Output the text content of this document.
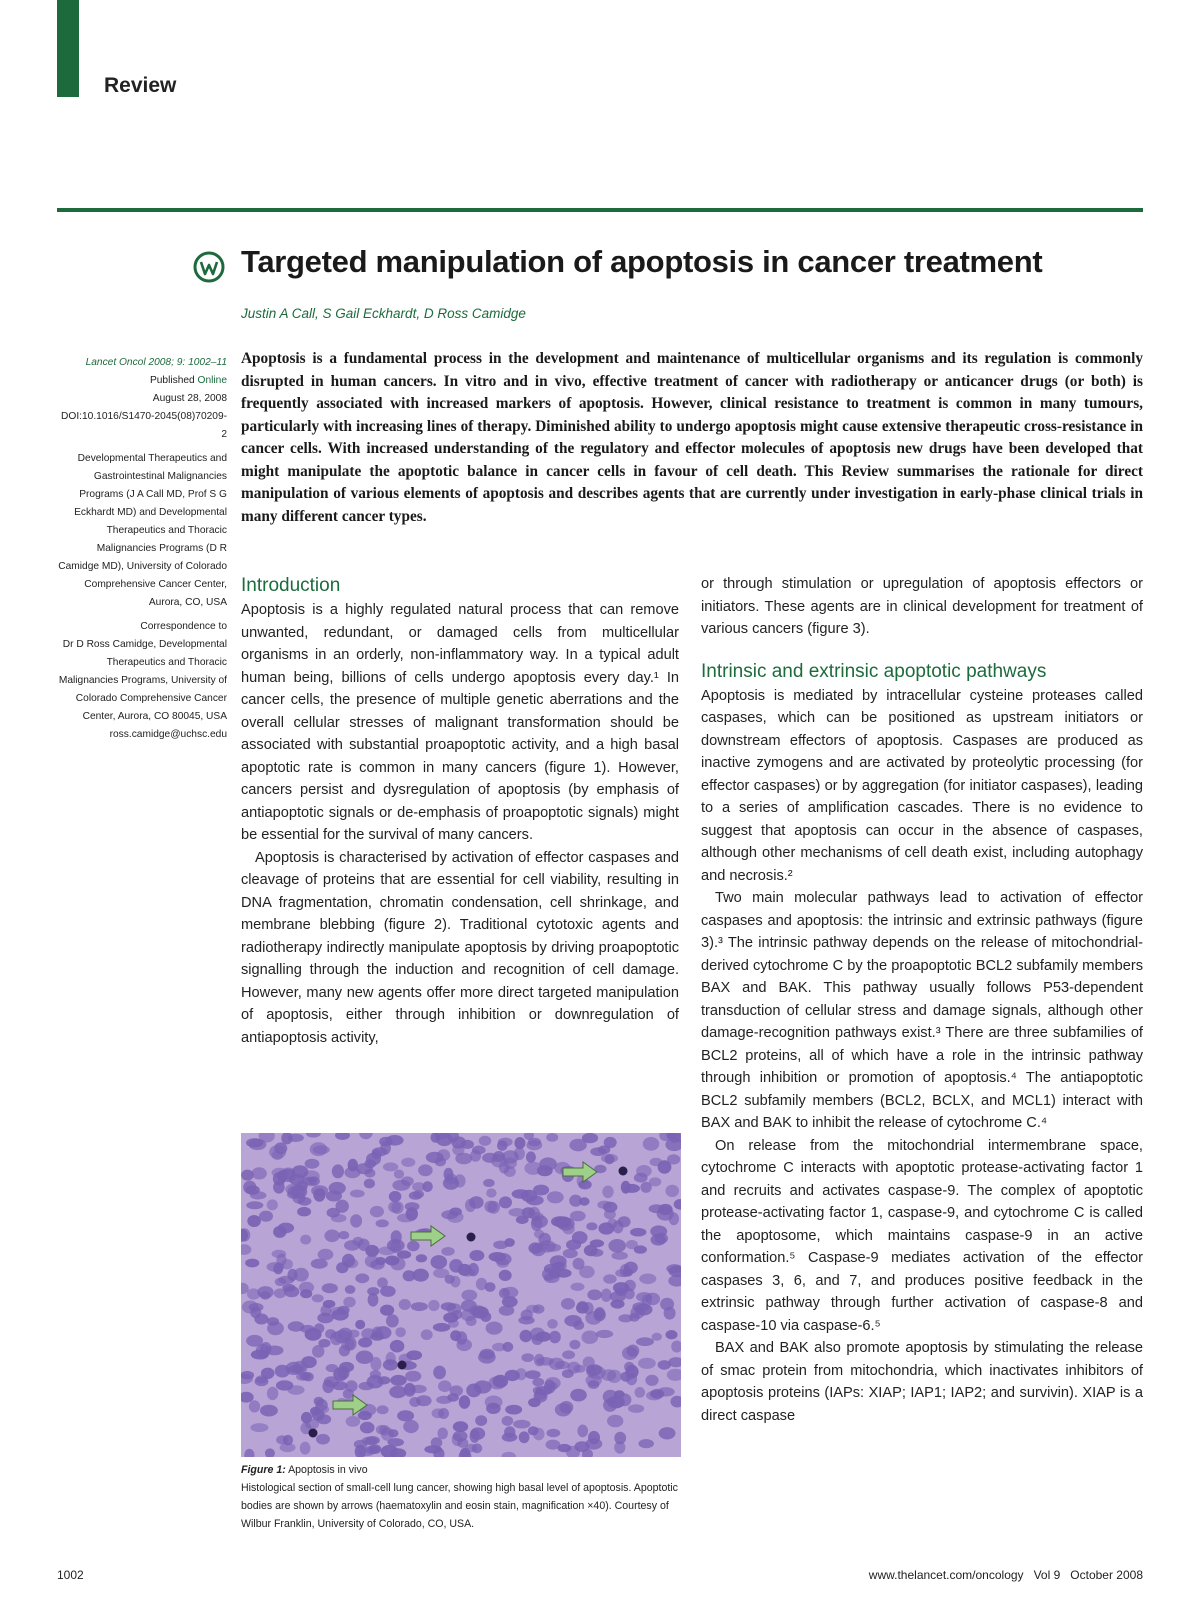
Review

Targeted manipulation of apoptosis in cancer treatment

Justin A Call, S Gail Eckhardt, D Ross Camidge

Lancet Oncol 2008; 9: 1002–11
Published Online
August 28, 2008
DOI:10.1016/S1470-2045(08)70209-2

Developmental Therapeutics and Gastrointestinal Malignancies Programs (J A Call MD, Prof S G Eckhardt MD) and Developmental Therapeutics and Thoracic Malignancies Programs (D R Camidge MD), University of Colorado Comprehensive Cancer Center, Aurora, CO, USA

Correspondence to
Dr D Ross Camidge, Developmental Therapeutics and Thoracic Malignancies Programs, University of Colorado Comprehensive Cancer Center, Aurora, CO 80045, USA
ross.camidge@uchsc.edu

Apoptosis is a fundamental process in the development and maintenance of multicellular organisms and its regulation is commonly disrupted in human cancers. In vitro and in vivo, effective treatment of cancer with radiotherapy or anticancer drugs (or both) is frequently associated with increased markers of apoptosis. However, clinical resistance to treatment is common in many tumours, particularly with increasing lines of therapy. Diminished ability to undergo apoptosis might cause extensive therapeutic cross-resistance in cancer cells. With increased understanding of the regulatory and effector molecules of apoptosis new drugs have been developed that might manipulate the apoptotic balance in cancer cells in favour of cell death. This Review summarises the rationale for direct manipulation of various elements of apoptosis and describes agents that are currently under investigation in early-phase clinical trials in many different cancer types.

Introduction

Apoptosis is a highly regulated natural process that can remove unwanted, redundant, or damaged cells from multicellular organisms in an orderly, non-inflammatory way. In a typical adult human being, billions of cells undergo apoptosis every day.¹ In cancer cells, the presence of multiple genetic aberrations and the overall cellular stresses of malignant transformation should be associated with substantial proapoptotic activity, and a high basal apoptotic rate is common in many cancers (figure 1). However, cancers persist and dysregulation of apoptosis (by emphasis of antiapoptotic signals or de-emphasis of proapoptotic signals) might be essential for the survival of many cancers.

Apoptosis is characterised by activation of effector caspases and cleavage of proteins that are essential for cell viability, resulting in DNA fragmentation, chromatin condensation, cell shrinkage, and membrane blebbing (figure 2). Traditional cytotoxic agents and radiotherapy indirectly manipulate apoptosis by driving proapoptotic signalling through the induction and recognition of cell damage. However, many new agents offer more direct targeted manipulation of apoptosis, either through inhibition or downregulation of antiapoptosis activity,

or through stimulation or upregulation of apoptosis effectors or initiators. These agents are in clinical development for treatment of various cancers (figure 3).

Intrinsic and extrinsic apoptotic pathways

Apoptosis is mediated by intracellular cysteine proteases called caspases, which can be positioned as upstream initiators or downstream effectors of apoptosis. Caspases are produced as inactive zymogens and are activated by proteolytic processing (for effector caspases) or by aggregation (for initiator caspases), leading to a series of amplification cascades. There is no evidence to suggest that apoptosis can occur in the absence of caspases, although other mechanisms of cell death exist, including autophagy and necrosis.²

Two main molecular pathways lead to activation of effector caspases and apoptosis: the intrinsic and extrinsic pathways (figure 3).³ The intrinsic pathway depends on the release of mitochondrial-derived cytochrome C by the proapoptotic BCL2 subfamily members BAX and BAK. This pathway usually follows P53-dependent transduction of cellular stress and damage signals, although other damage-recognition pathways exist.³ There are three subfamilies of BCL2 proteins, all of which have a role in the intrinsic pathway through inhibition or promotion of apoptosis.⁴ The antiapoptotic BCL2 subfamily members (BCL2, BCLX, and MCL1) interact with BAX and BAK to inhibit the release of cytochrome C.⁴

On release from the mitochondrial intermembrane space, cytochrome C interacts with apoptotic protease-activating factor 1 and recruits and activates caspase-9. The complex of apoptotic protease-activating factor 1, caspase-9, and cytochrome C is called the apoptosome, which maintains caspase-9 in an active conformation.⁵ Caspase-9 mediates activation of the effector caspases 3, 6, and 7, and produces positive feedback in the extrinsic pathway through further activation of caspase-8 and caspase-10 via caspase-6.⁵

BAX and BAK also promote apoptosis by stimulating the release of smac protein from mitochondria, which inactivates inhibitors of apoptosis proteins (IAPs: XIAP; IAP1; IAP2; and survivin). XIAP is a direct caspase

Figure 1: Apoptosis in vivo
Histological section of small-cell lung cancer, showing high basal level of apoptosis. Apoptotic bodies are shown by arrows (haematoxylin and eosin stain, magnification ×40). Courtesy of Wilbur Franklin, University of Colorado, CO, USA.

1002	www.thelancet.com/oncology Vol 9 October 2008
